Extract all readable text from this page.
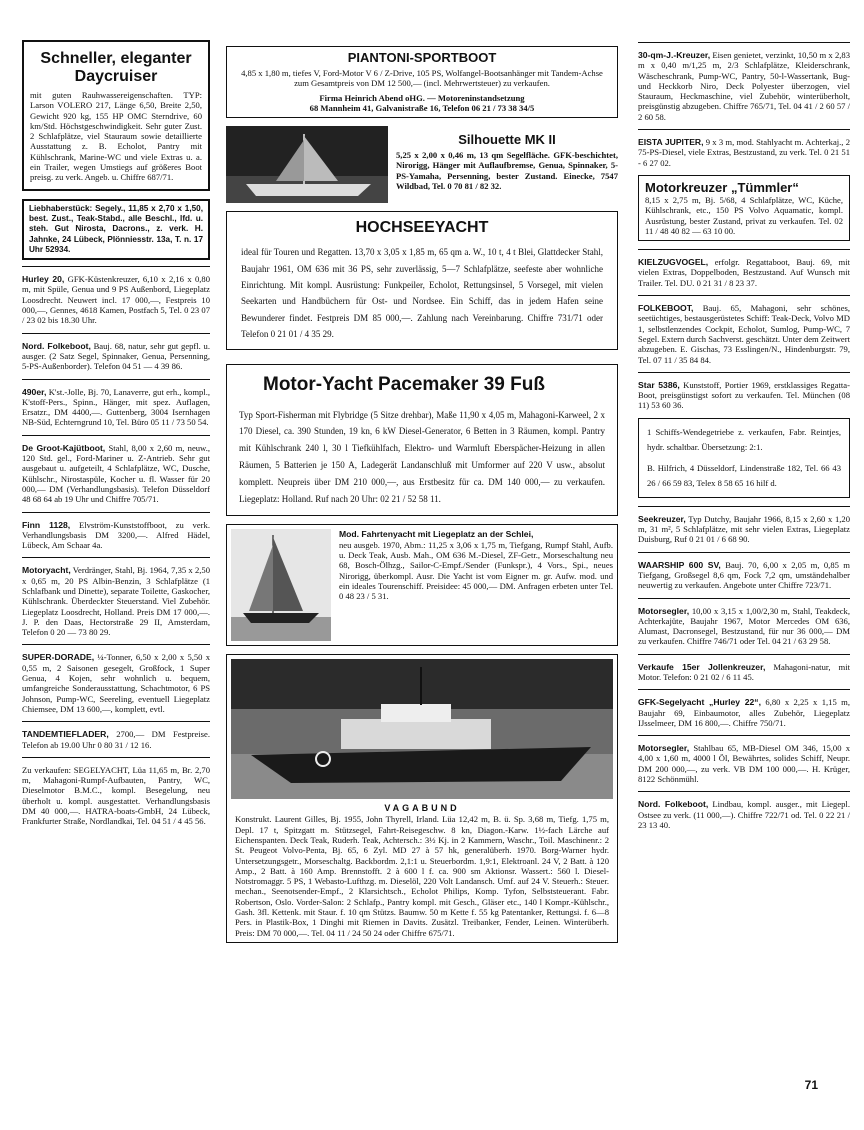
Schneller, eleganter Daycruiser
mit guten Rauhwassereigenschaften. TYP: Larson VOLERO 217, Länge 6,50, Breite 2,50, Gewicht 920 kg, 155 HP OMC Sterndrive, 60 km/Std. Höchstgeschwindigkeit. Sehr guter Zust. 2 Schlafplätze, viel Stauraum sowie detaillierte Ausstattung z. B. Echolot, Pantry mit Kühlschrank, Marine-WC und viele Extras u. a. ein Trailer, wegen Umstiegs auf größeres Boot preisg. zu verk. Angeb. u. Chiffre 687/71.
Liebhaberstück: Segely., 11,85 x 2,70 x 1,50, best. Zust., Teak-Stabd., alle Beschl., lfd. u. steh. Gut Nirosta, Dacrons., z. verk. H. Jahnke, 24 Lübeck, Plönniesstr. 13a, T. n. 17 Uhr 52934.
Hurley 20, GFK-Küstenkreuzer, 6,10 x 2,16 x 0,80 m, mit Spüle, Genua und 9 PS Außenbord, Liegeplatz Loosdrecht. Neuwert incl. 17 000,—, Festpreis 10 000,—, Gennes, 4618 Kamen, Postfach 5, Tel. 0 23 07 / 23 02 bis 18.30 Uhr.
Nord. Folkeboot, Bauj. 68, natur, sehr gut gepfl. u. ausger. (2 Satz Segel, Spinnaker, Genua, Persenning, 5-PS-Außenborder). Telefon 04 51 — 4 39 86.
490er, K'st.-Jolle, Bj. 70, Lanaverre, gut erh., kompl., K'stoff-Pers., Spinn., Hänger, mit spez. Auflagen, Ersatzr., DM 4400,—. Guttenberg, 3004 Isernhagen NB-Süd, Echterngrund 10, Tel. Büro 05 11 / 73 50 54.
De Groot-Kajütboot, Stahl, 8,00 x 2,60 m, neuw., 120 Std. gel., Ford-Mariner u. Z-Antrieb. Sehr gut ausgebaut u. aufgeteilt, 4 Schlafplätze, WC, Dusche, Kühlschr., Nirostaspüle, Kocher u. fl. Wasser für 20 000,— DM (Verhandlungsbasis). Telefon Düsseldorf 48 68 64 ab 19 Uhr und Chiffre 705/71.
Finn 1128, Elvström-Kunststoffboot, zu verk. Verhandlungsbasis DM 3200,—. Alfred Hädel, Lübeck, Am Schaar 4a.
Motoryacht, Verdränger, Stahl, Bj. 1964, 7,35 x 2,50 x 0,65 m, 20 PS Albin-Benzin, 3 Schlafplätze (1 Schlafbank und Dinette), separate Toilette, Gaskocher, Kühlschrank. Überdeckter Steuerstand. Viel Zubehör. Liegeplatz Loosdrecht, Holland. Preis DM 17 000,—. J. P. den Daas, Hectorstraße 29 II, Amsterdam, Telefon 0 20 — 73 80 29.
SUPER-DORADE, ¼-Tonner, 6,50 x 2,00 x 5,50 x 0,55 m, 2 Saisonen gesegelt, Großfock, 1 Super Genua, 4 Kojen, sehr wohnlich u. bequem, umfangreiche Sonderausstattung, Schachtmotor, 6 PS Johnson, Pump-WC, Seereling, eventuell Liegeplatz Chiemsee, DM 13 600,—, komplett, evtl.
TANDEMTIEFLADER, 2700,— DM Festpreise. Telefon ab 19.00 Uhr 0 80 31 / 12 16.
Zu verkaufen: SEGELYACHT, Lüa 11,65 m, Br. 2,70 m, Mahagoni-Rumpf-Aufbauten, Pantry, WC, Dieselmotor B.M.C., kompl. Besegelung, neu überholt u. kompl. ausgestattet. Verhandlungsbasis DM 40 000,—. HATRA-boats-GmbH, 24 Lübeck, Frankfurter Straße, Nordlandkai, Tel. 04 51 / 4 45 56.
PIANTONI-SPORTBOOT
4,85 x 1,80 m, tiefes V, Ford-Motor V 6 / Z-Drive, 105 PS, Wolfangel-Bootsanhänger mit Tandem-Achse zum Gesamtpreis von DM 12 500,— (incl. Mehrwertsteuer) zu verkaufen.
Firma Heinrich Abend oHG. — Motoreninstandsetzung
68 Mannheim 41, Galvanistraße 16, Telefon 06 21 / 73 38 34/5
Silhouette MK II
5,25 x 2,00 x 0,46 m, 13 qm Segelfläche. GFK-beschichtet, Nirorigg, Hänger mit Auflaufbremse, Genua, Spinnaker, 5-PS-Yamaha, Persenning, bester Zustand. Einecke, 7547 Wildbad, Tel. 0 70 81 / 82 32.
HOCHSEEYACHT
ideal für Touren und Regatten. 13,70 x 3,05 x 1,85 m, 65 qm a. W., 10 t, 4 t Blei, Glattdecker Stahl, Baujahr 1961, OM 636 mit 36 PS, sehr zuverlässig, 5—7 Schlafplätze, seefeste aber wohnliche Einrichtung. Mit kompl. Ausrüstung: Funkpeiler, Echolot, Rettungsinsel, 5 Vorsegel, mit vielen Seekarten und Handbüchern für Ost- und Nordsee. Ein Schiff, das in jedem Hafen seine Bewunderer findet. Festpreis DM 85 000,—. Zahlung nach Vereinbarung. Chiffre 731/71 oder Telefon 0 21 01 / 4 35 29.
Motor-Yacht Pacemaker 39 Fuß
Typ Sport-Fisherman mit Flybridge (5 Sitze drehbar), Maße 11,90 x 4,05 m, Mahagoni-Karweel, 2 x 170 Diesel, ca. 390 Stunden, 19 kn, 6 kW Diesel-Generator, 6 Betten in 3 Räumen, kompl. Pantry mit Kühlschrank 240 l, 30 l Tiefkühlfach, Elektro- und Warmluft Eberspächer-Heizung in allen Räumen, 5 Batterien je 150 A, Ladegerät Landanschluß mit Umformer auf 220 V usw., absolut komplett. Neupreis über DM 210 000,—, aus Erstbesitz für ca. DM 140 000,— zu verkaufen. Liegeplatz: Holland. Ruf nach 20 Uhr: 02 21 / 52 58 11.
Mod. Fahrtenyacht mit Liegeplatz an der Schlei,
neu ausgeb. 1970, Abm.: 11,25 x 3,06 x 1,75 m, Tiefgang, Rumpf Stahl, Aufb. u. Deck Teak, Ausb. Mah., OM 636 M.-Diesel, ZF-Getr., Morseschaltung neu 68, Bosch-Ölhzg., Sailor-C-Empf./Sender (Funkspr.), 4 Vors., Spi., neues Nirorigg, überkompl. Ausr. Die Yacht ist vom Eigner m. gr. Aufw. mod. und ein ideales Tourenschiff. Preisidee: 45 000,— DM. Anfragen erbeten unter Tel. 0 48 23 / 5 31.
VAGABUND
Konstrukt. Laurent Gilles, Bj. 1955, John Thyrell, Irland. Lüa 12,42 m, B. ü. Sp. 3,68 m, Tiefg. 1,75 m, Depl. 17 t, Spitzgatt m. Stützsegel, Fahrt-Reisegeschw. 8 kn, Diagon.-Karw. 1½-fach Lärche auf Eichenspanten. Deck Teak, Ruderh. Teak, Achtersch.: 3½ Kj. in 2 Kammern, Waschr., Toil. Maschinenr.: 2 St. Peugeot Volvo-Penta, Bj. 65, 6 Zyl. MD 27 à 57 hk, generalüberh. 1970. Borg-Warner hydr. Untersetzungsgetr., Morseschaltg. Backbordm. 2,1:1 u. Steuerbordm. 1,9:1, Elektroanl. 24 V, 2 Batt. à 120 Amp., 2 Batt. à 160 Amp. Brennstofft. 2 à 600 l f. ca. 900 sm Aktionsr. Wassert.: 560 l. Diesel-Notstromaggr. 5 PS, 1 Webasto-Lufthzg. m. Dieselöl, 220 Volt Landansch. Umf. auf 24 V. Steuerh.: Steuer. mechan., Seenotsender-Empf., 2 Klarsichtsch., Echolot Philips, Komp. Tyfon, Selbststeuerant. Fabr. Robertson, Oslo. Vorder-Salon: 2 Schlafp., Pantry kompl. mit Gesch., Gläser etc., 140 l Kompr.-Kühlschr., Gash. 3fl. Kettenk. mit Staur. f. 10 qm Stützs. Baumw. 50 m Kette f. 55 kg Patentanker, Rettungsi. f. 6—8 Pers. in Plastik-Box, 1 Dinghi mit Riemen in Davits. Zusätzl. Treibanker, Fender, Leinen. Winterüberh. Preis: DM 70 000,—. Tel. 04 11 / 24 50 24 oder Chiffre 675/71.
30-qm-J.-Kreuzer, Eisen genietet, verzinkt, 10,50 m x 2,83 m x 0,40 m/1,25 m, 2/3 Schlafplätze, Kleiderschrank, Wäscheschrank, Pump-WC, Pantry, 50-l-Wassertank, Bug- und Heckkorb Niro, Deck Polyester überzogen, viel Stauraum, Heckmaschine, viel Zubehör, winterüberholt, preisgünstig abzugeben. Chiffre 765/71, Tel. 04 41 / 2 60 57 / 2 60 58.
EISTA JUPITER, 9 x 3 m, mod. Stahlyacht m. Achterkaj., 2 75-PS-Diesel, viele Extras, Bestzustand, zu verk. Tel. 0 21 51 - 6 27 02.
Motorkreuzer „Tümmler“
8,15 x 2,75 m, Bj. 5/68, 4 Schlafplätze, WC, Küche, Kühlschrank, etc., 150 PS Volvo Aquamatic, kompl. Ausrüstung, bester Zustand, privat zu verkaufen. Tel. 02 11 / 48 40 82 — 63 10 00.
KIELZUGVOGEL, erfolgr. Regattaboot, Bauj. 69, mit vielen Extras, Doppelboden, Bestzustand. Auf Wunsch mit Trailer. Tel. DU. 0 21 31 / 8 23 37.
FOLKEBOOT, Bauj. 65, Mahagoni, sehr schönes, seetüchtiges, bestausgerüstetes Schiff: Teak-Deck, Volvo MD 1, selbstlenzendes Cockpit, Echolot, Sumlog, Pump-WC, 7 Segel. Extern durch Sachverst. geschätzt. Unter dem Zeitwert abzugeben. E. Gischas, 73 Esslingen/N., Hindenburgstr. 79, Tel. 07 11 / 35 84 84.
Star 5386, Kunststoff, Portier 1969, erstklassiges Regatta-Boot, preisgünstigst sofort zu verkaufen. Tel. München (08 11) 53 60 36.
1 Schiffs-Wendegetriebe z. verkaufen, Fabr. Reintjes, hydr. schaltbar. Übersetzung: 2:1.
B. Hilfrich, 4 Düsseldorf, Lindenstraße 182, Tel. 66 43 26 / 66 59 83, Telex 8 58 65 16 hilf d.
Seekreuzer, Typ Dutchy, Baujahr 1966, 8,15 x 2,60 x 1,20 m, 31 m², 5 Schlafplätze, mit sehr vielen Extras, Liegeplatz Duisburg, Ruf 0 21 01 / 6 68 90.
WAARSHIP 600 SV, Bauj. 70, 6,00 x 2,05 m, 0,85 m Tiefgang, Großsegel 8,6 qm, Fock 7,2 qm, umständehalber neuwertig zu verkaufen. Angebote unter Chiffre 723/71.
Motorsegler, 10,00 x 3,15 x 1,00/2,30 m, Stahl, Teakdeck, Achterkajüte, Baujahr 1967, Motor Mercedes OM 636, Alumast, Dacronsegel, Bestzustand, für nur 36 000,— DM zu verkaufen. Chiffre 746/71 oder Tel. 04 21 / 63 29 58.
Verkaufe 15er Jollenkreuzer, Mahagoni-natur, mit Motor. Telefon: 0 21 02 / 6 11 45.
GFK-Segelyacht „Hurley 22“, 6,80 x 2,25 x 1,15 m, Baujahr 69, Einbaumotor, alles Zubehör, Liegeplatz IJsselmeer, DM 16 800,—. Chiffre 750/71.
Motorsegler, Stahlbau 65, MB-Diesel OM 346, 15,00 x 4,00 x 1,60 m, 4000 l Öl, Bewährtes, solides Schiff, Neupr. DM 200 000,—, zu verk. VB DM 100 000,—. H. Krüger, 8122 Schönmühl.
Nord. Folkeboot, Lindbau, kompl. ausger., mit Liegepl. Ostsee zu verk. (11 000,—). Chiffre 722/71 od. Tel. 0 22 21 / 23 13 40.
71
